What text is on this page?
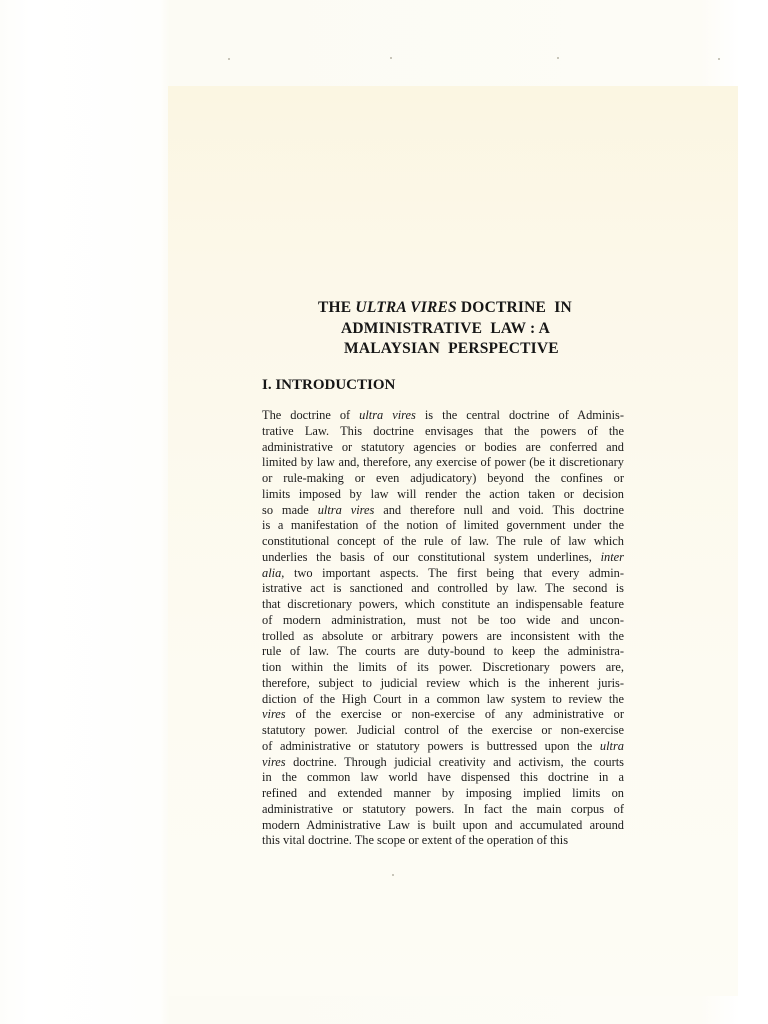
THE ULTRA VIRES DOCTRINE  IN
ADMINISTRATIVE  LAW : A
MALAYSIAN  PERSPECTIVE
I. INTRODUCTION
The doctrine of ultra vires is the central doctrine of Adminis-
trative Law. This doctrine envisages that the powers of the
administrative or statutory agencies or bodies are conferred and
limited by law and, therefore, any exercise of power (be it discretionary
or rule-making or even adjudicatory) beyond the confines or
limits imposed by law will render the action taken or decision
so made ultra vires and therefore null and void. This doctrine
is a manifestation of the notion of limited government under the
constitutional concept of the rule of law. The rule of law which
underlies the basis of our constitutional system underlines, inter
alia, two important aspects. The first being that every admin-
istrative act is sanctioned and controlled by law. The second is
that discretionary powers, which constitute an indispensable feature
of modern administration, must not be too wide and uncon-
trolled as absolute or arbitrary powers are inconsistent with the
rule of law. The courts are duty-bound to keep the administra-
tion within the limits of its power. Discretionary powers are,
therefore, subject to judicial review which is the inherent juris-
diction of the High Court in a common law system to review the
vires of the exercise or non-exercise of any administrative or
statutory power. Judicial control of the exercise or non-exercise
of administrative or statutory powers is buttressed upon the ultra
vires doctrine. Through judicial creativity and activism, the courts
in the common law world have dispensed this doctrine in a
refined and extended manner by imposing implied limits on
administrative or statutory powers. In fact the main corpus of
modern Administrative Law is built upon and accumulated around
this vital doctrine. The scope or extent of the operation of this
